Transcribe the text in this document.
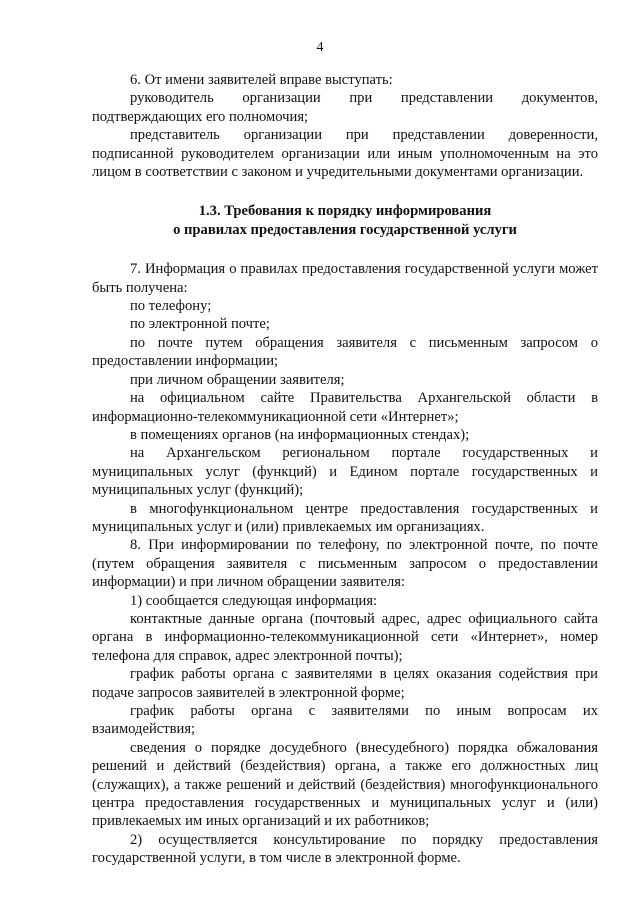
4

6. От имени заявителей вправе выступать:

руководитель организации при представлении документов, подтверждающих его полномочия;

представитель организации при представлении доверенности, подписанной руководителем организации или иным уполномоченным на это лицом в соответствии с законом и учредительными документами организации.

1.3. Требования к порядку информирования
о правилах предоставления государственной услуги

7. Информация о правилах предоставления государственной услуги может быть получена:

по телефону;

по электронной почте;

по почте путем обращения заявителя с письменным запросом о предоставлении информации;

при личном обращении заявителя;

на официальном сайте Правительства Архангельской области в информационно-телекоммуникационной сети «Интернет»;

в помещениях органов (на информационных стендах);

на Архангельском региональном портале государственных и муниципальных услуг (функций) и Едином портале государственных и муниципальных услуг (функций);

в многофункциональном центре предоставления государственных и муниципальных услуг и (или) привлекаемых им организациях.

8. При информировании по телефону, по электронной почте, по почте (путем обращения заявителя с письменным запросом о предоставлении информации) и при личном обращении заявителя:

1) сообщается следующая информация:

контактные данные органа (почтовый адрес, адрес официального сайта органа в информационно-телекоммуникационной сети «Интернет», номер телефона для справок, адрес электронной почты);

график работы органа с заявителями в целях оказания содействия при подаче запросов заявителей в электронной форме;

график работы органа с заявителями по иным вопросам их взаимодействия;

сведения о порядке досудебного (внесудебного) порядка обжалования решений и действий (бездействия) органа, а также его должностных лиц (служащих), а также решений и действий (бездействия) многофункционального центра предоставления государственных и муниципальных услуг и (или) привлекаемых им иных организаций и их работников;

2) осуществляется консультирование по порядку предоставления государственной услуги, в том числе в электронной форме.
